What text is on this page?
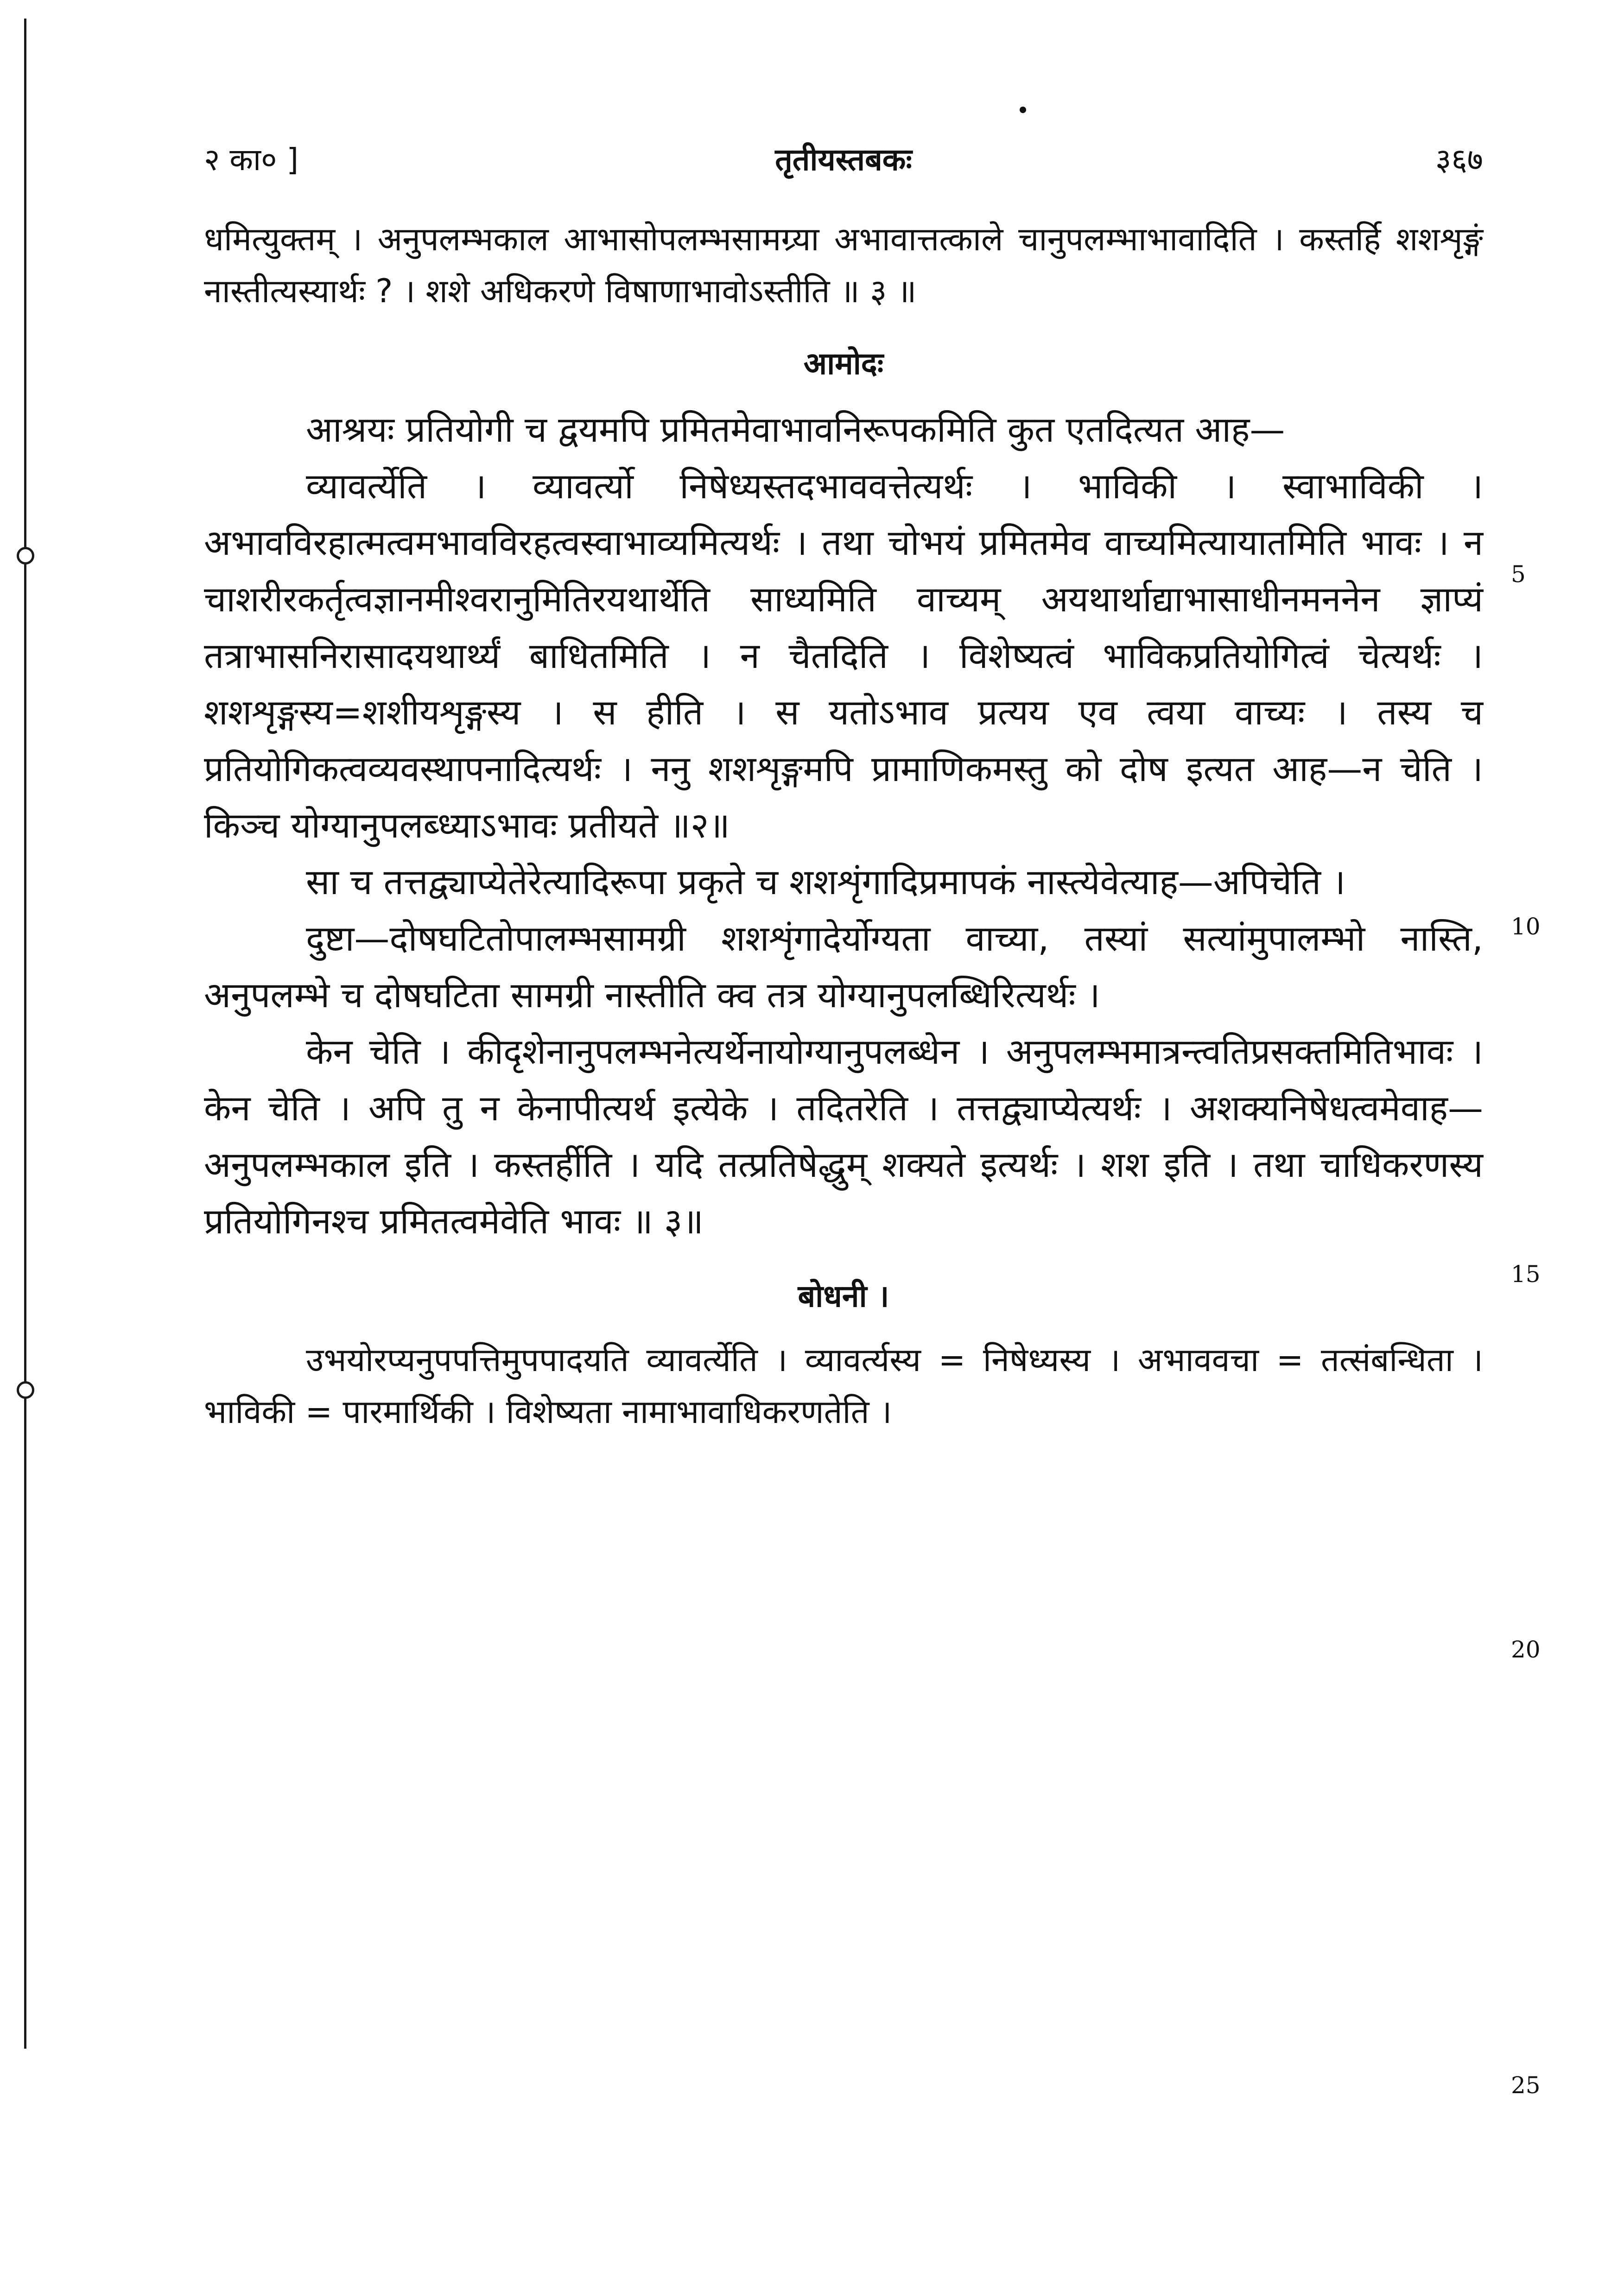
२ का० ]	तृतीयस्तबकः	३६७

धमित्युक्तम् । अनुपलम्भकाल आभासोपलम्भसामग्र्या अभावात्तत्काले चानुपलम्भाभावादिति । कस्तर्हि शशशृङ्गं नास्तीत्यस्यार्थः ? । शशे अधिकरणे विषाणाभावोऽस्तीति ॥ ३ ॥

आमोदः

आश्रयः प्रतियोगी च द्वयमपि प्रमितमेवाभावनिरूपकमिति कुत एतदित्यत आह—

व्यावर्त्येति । व्यावर्त्यो निषेध्यस्तदभाववत्तेत्यर्थः । भाविकी । स्वाभाविकी । अभावविरहात्मत्वमभावविरहत्वस्वाभाव्यमित्यर्थः । तथा चोभयं प्रमितमेव वाच्यमित्यायातमिति भावः । न चाशरीरकर्तृत्वज्ञानमीश्वरानुमितिरयथार्थेति साध्यमिति वाच्यम् अयथार्थाद्याभासाधीनमननेन ज्ञाप्यं तत्राभासनिरासादयथार्थ्यं बाधितमिति । न चैतदिति । विशेष्यत्वं भाविकप्रतियोगित्वं चेत्यर्थः । शशशृङ्गस्य=शशीयशृङ्गस्य । स हीति । स यतोऽभाव प्रत्यय एव त्वया वाच्यः । तस्य च प्रतियोगिकत्वव्यवस्थापनादित्यर्थः । ननु शशशृङ्गमपि प्रामाणिकमस्तु को दोष इत्यत आह—न चेति । किञ्च योग्यानुपलब्ध्याऽभावः प्रतीयते ॥२॥

सा च तत्तद्व्याप्येतेरेत्यादिरूपा प्रकृते च शशशृंगादिप्रमापकं नास्त्येवेत्याह—अपिचेति ।

दुष्टा—दोषघटितोपालम्भसामग्री शशशृंगादेर्योग्यता वाच्या, तस्यां सत्यांमुपालम्भो नास्ति, अनुपलम्भे च दोषघटिता सामग्री नास्तीति क्व तत्र योग्यानुपलब्धिरित्यर्थः ।

केन चेति । कीदृशेनानुपलम्भनेत्यर्थेनायोग्यानुपलब्धेन । अनुपलम्भमात्रन्त्वतिप्रसक्तमितिभावः । केन चेति । अपि तु न केनापीत्यर्थ इत्येके । तदितरेति । तत्तद्व्याप्येत्यर्थः । अशक्यनिषेधत्वमेवाह—अनुपलम्भकाल इति । कस्तर्हीति । यदि तत्प्रतिषेद्धुम् शक्यते इत्यर्थः । शश इति । तथा चाधिकरणस्य प्रतियोगिनश्च प्रमितत्वमेवेति भावः ॥ ३॥

बोधनी ।

उभयोरप्यनुपपत्तिमुपपादयति व्यावर्त्येति । व्यावर्त्यस्य = निषेध्यस्य । अभाववचा = तत्संबन्धिता । भाविकी = पारमार्थिकी । विशेष्यता नामाभावाधिकरणतेति ।

5
10
15
20
25
